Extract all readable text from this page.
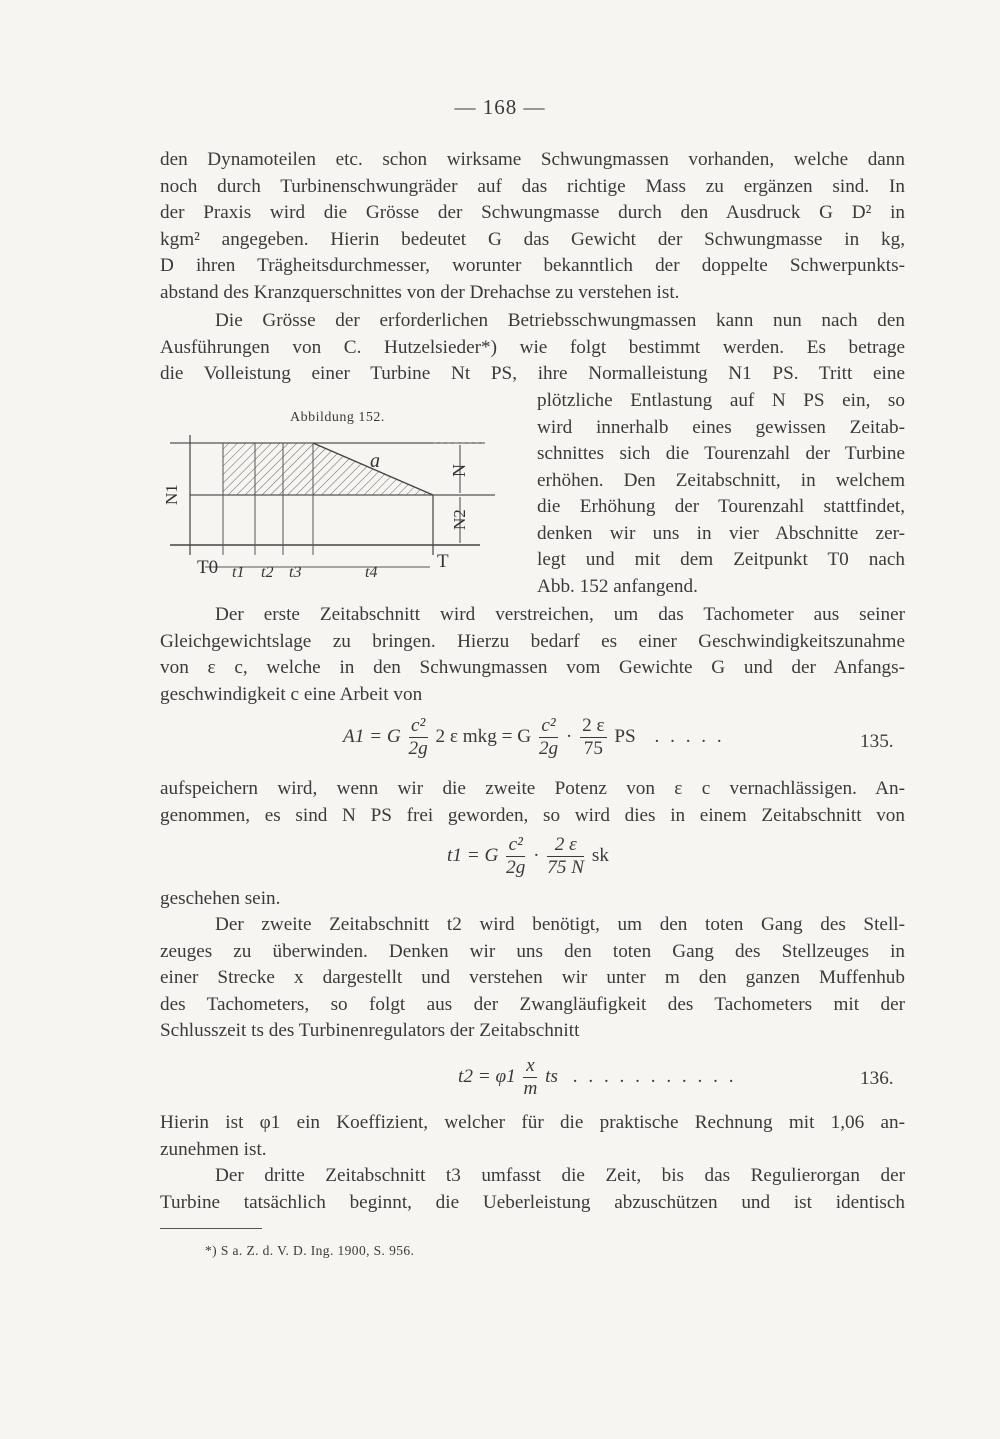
— 168 —
den Dynamoteilen etc. schon wirksame Schwungmassen vorhanden, welche dann
noch durch Turbinenschwungräder auf das richtige Mass zu ergänzen sind. In
der Praxis wird die Grösse der Schwungmasse durch den Ausdruck G D² in
kgm² angegeben. Hierin bedeutet G das Gewicht der Schwungmasse in kg,
D ihren Trägheitsdurchmesser, worunter bekanntlich der doppelte Schwerpunkts-
abstand des Kranzquerschnittes von der Drehachse zu verstehen ist.
Die Grösse der erforderlichen Betriebsschwungmassen kann nun nach den
Ausführungen von C. Hutzelsieder*) wie folgt bestimmt werden. Es betrage
die Volleistung einer Turbine Nt PS, ihre Normalleistung N1 PS. Tritt eine
plötzliche Entlastung auf N PS ein, so
wird innerhalb eines gewissen Zeitab-
schnittes sich die Tourenzahl der Turbine
erhöhen. Den Zeitabschnitt, in welchem
die Erhöhung der Tourenzahl stattfindet,
denken wir uns in vier Abschnitte zer-
legt und mit dem Zeitpunkt T0 nach
Abb. 152 anfangend.
Abbildung 152.
a
N1
N
N2
T0 t1 t2 t3	t4
T
Der erste Zeitabschnitt wird verstreichen, um das Tachometer aus seiner
Gleichgewichtslage zu bringen. Hierzu bedarf es einer Geschwindigkeitszunahme
von ε c, welche in den Schwungmassen vom Gewichte G und der Anfangs-
geschwindigkeit c eine Arbeit von
A1 = G $\frac{\text{c²}}{2g} 2$ ε mkg = G $\frac{\text{c²}}{2g} \cdot \frac{2 \varepsilon}{75}$ PS . . . . .	135.
aufspeichern wird, wenn wir die zweite Potenz von ε c vernachlässigen. An-
genommen, es sind N PS frei geworden, so wird dies in einem Zeitabschnitt von
t1 = G $\frac{\text{c²}}{2g} \cdot \frac{2 \varepsilon}{75 N}$ sk
geschehen sein.
Der zweite Zeitabschnitt t2 wird benötigt, um den toten Gang des Stell-
zeuges zu überwinden. Denken wir uns den toten Gang des Stellzeuges in
einer Strecke x dargestellt und verstehen wir unter m den ganzen Muffenhub
des Tachometers, so folgt aus der Zwangläufigkeit des Tachometers mit der
Schlusszeit ts des Turbinenregulators der Zeitabschnitt
$t2 = \varphi 1 \frac{x}{m}$ ts . . . . . . . . . . .	136.
Hierin ist φ1 ein Koeffizient, welcher für die praktische Rechnung mit 1,06 an-
zunehmen ist.
Der dritte Zeitabschnitt t3 umfasst die Zeit, bis das Regulierorgan der
Turbine tatsächlich beginnt, die Ueberleistung abzuschützen und ist identisch
*) S a. Z. d. V. D. Ing. 1900, S. 956.
